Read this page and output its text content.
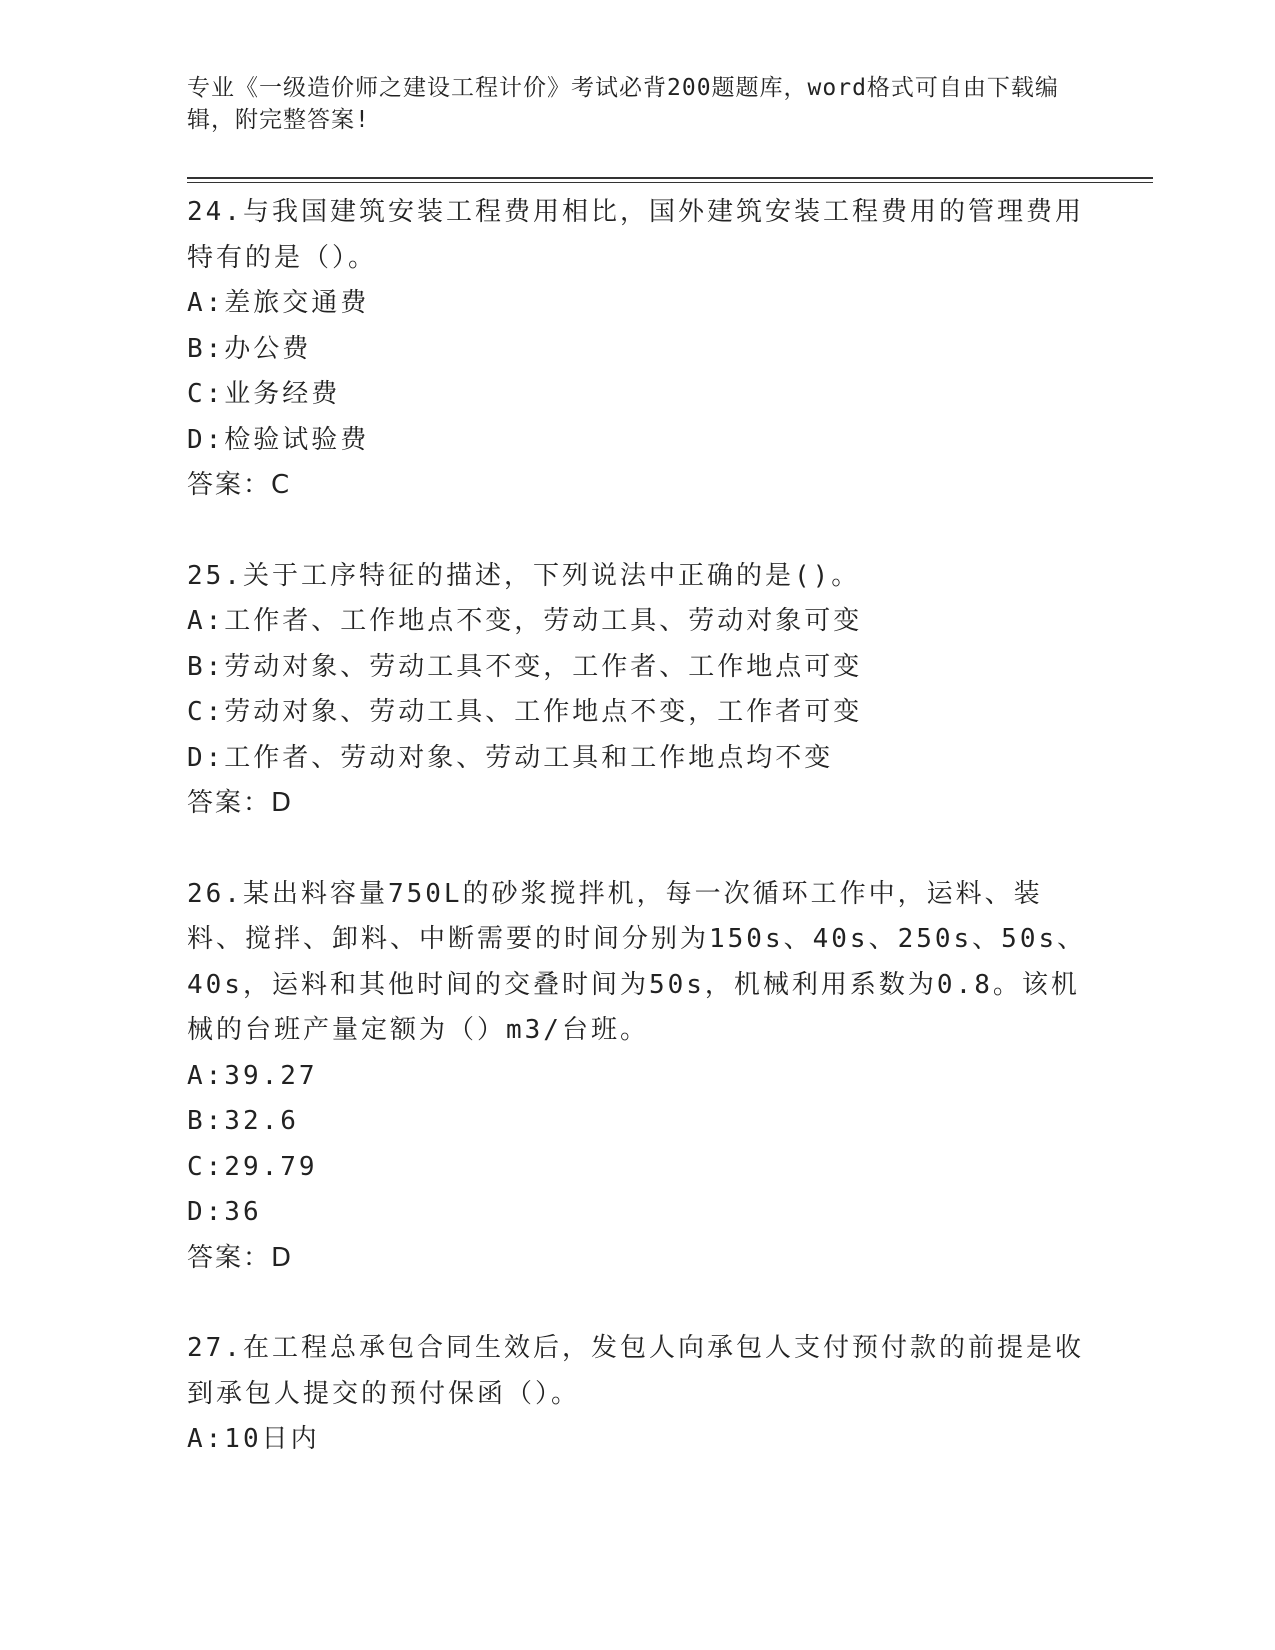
专业《一级造价师之建设工程计价》考试必背200题题库，word格式可自由下载编辑，附完整答案!

24.与我国建筑安装工程费用相比，国外建筑安装工程费用的管理费用特有的是（）。

A:差旅交通费

B:办公费

C:业务经费

D:检验试验费

答案：C

25.关于工序特征的描述，下列说法中正确的是()。

A:工作者、工作地点不变，劳动工具、劳动对象可变

B:劳动对象、劳动工具不变，工作者、工作地点可变

C:劳动对象、劳动工具、工作地点不变，工作者可变

D:工作者、劳动对象、劳动工具和工作地点均不变

答案：D

26.某出料容量750L的砂浆搅拌机，每一次循环工作中，运料、装料、搅拌、卸料、中断需要的时间分别为150s、40s、250s、50s、40s，运料和其他时间的交叠时间为50s，机械利用系数为0.8。该机械的台班产量定额为（）m3/台班。

A:39.27

B:32.6

C:29.79

D:36

答案：D

27.在工程总承包合同生效后，发包人向承包人支付预付款的前提是收到承包人提交的预付保函（）。

A:10日内
